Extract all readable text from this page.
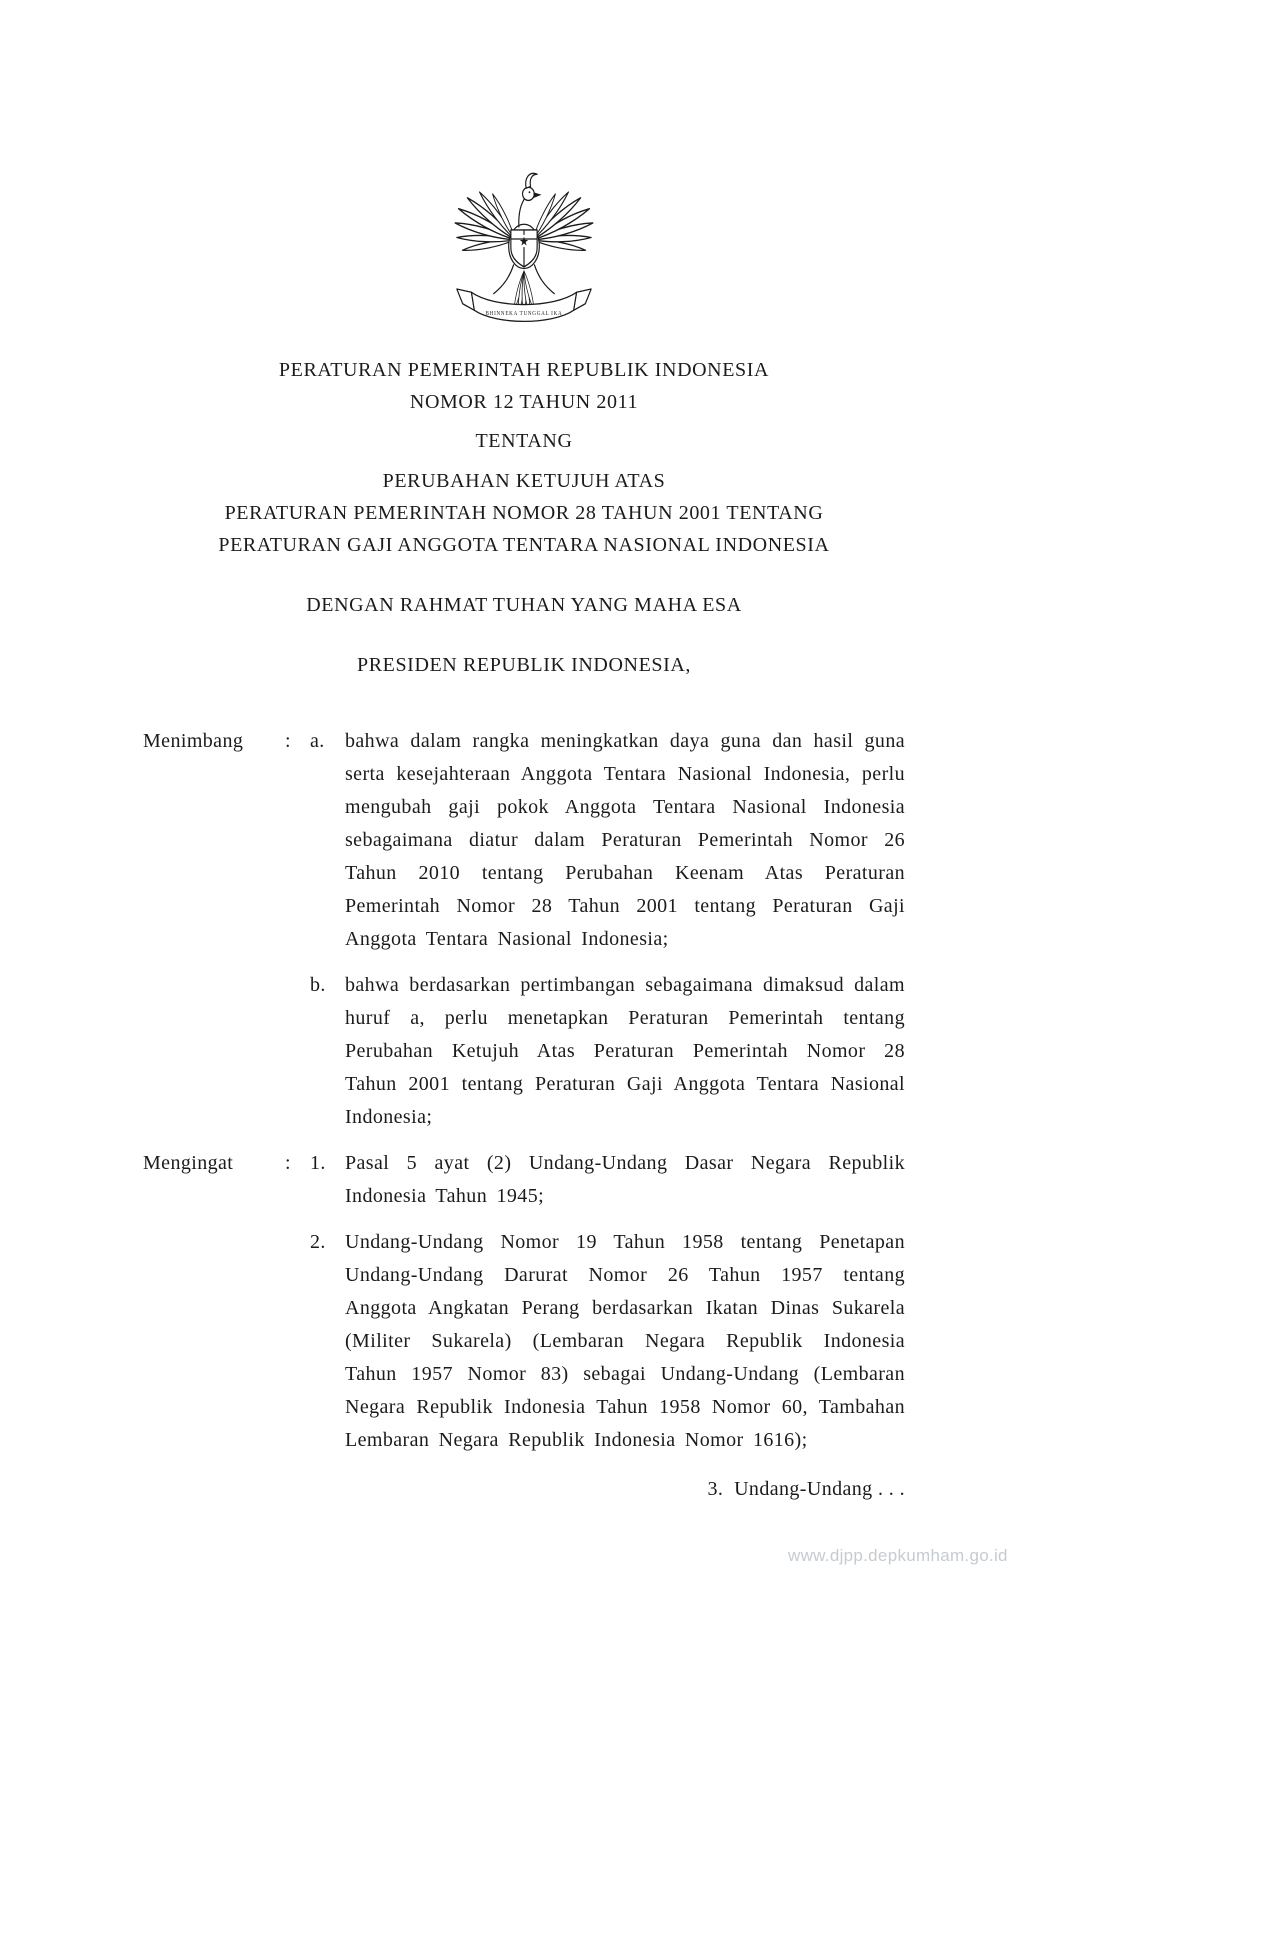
BHINNEKA TUNGGAL IKA
PERATURAN PEMERINTAH REPUBLIK INDONESIA
NOMOR 12 TAHUN 2011
TENTANG
PERUBAHAN KETUJUH ATAS
PERATURAN PEMERINTAH NOMOR 28 TAHUN 2001 TENTANG
PERATURAN GAJI ANGGOTA TENTARA NASIONAL INDONESIA
DENGAN RAHMAT TUHAN YANG MAHA ESA
PRESIDEN REPUBLIK INDONESIA,
Menimbang	: a.	bahwa dalam rangka meningkatkan daya guna dan hasil guna serta kesejahteraan Anggota Tentara Nasional Indonesia, perlu mengubah gaji pokok Anggota Tentara Nasional Indonesia sebagaimana diatur dalam Peraturan Pemerintah Nomor 26 Tahun 2010 tentang Perubahan Keenam Atas Peraturan Pemerintah Nomor 28 Tahun 2001 tentang Peraturan Gaji Anggota Tentara Nasional Indonesia;
b. bahwa berdasarkan pertimbangan sebagaimana dimaksud dalam huruf a, perlu menetapkan Peraturan Pemerintah tentang Perubahan Ketujuh Atas Peraturan Pemerintah Nomor 28 Tahun 2001 tentang Peraturan Gaji Anggota Tentara Nasional Indonesia;
Mengingat	: 1. Pasal 5 ayat (2) Undang-Undang Dasar Negara Republik Indonesia Tahun 1945;
2. Undang-Undang Nomor 19 Tahun 1958 tentang Penetapan Undang-Undang Darurat Nomor 26 Tahun 1957 tentang Anggota Angkatan Perang berdasarkan Ikatan Dinas Sukarela (Militer Sukarela) (Lembaran Negara Republik Indonesia Tahun 1957 Nomor 83) sebagai Undang-Undang (Lembaran Negara Republik Indonesia Tahun 1958 Nomor 60, Tambahan Lembaran Negara Republik Indonesia Nomor 1616);
3.  Undang-Undang . . .
www.djpp.depkumham.go.id
